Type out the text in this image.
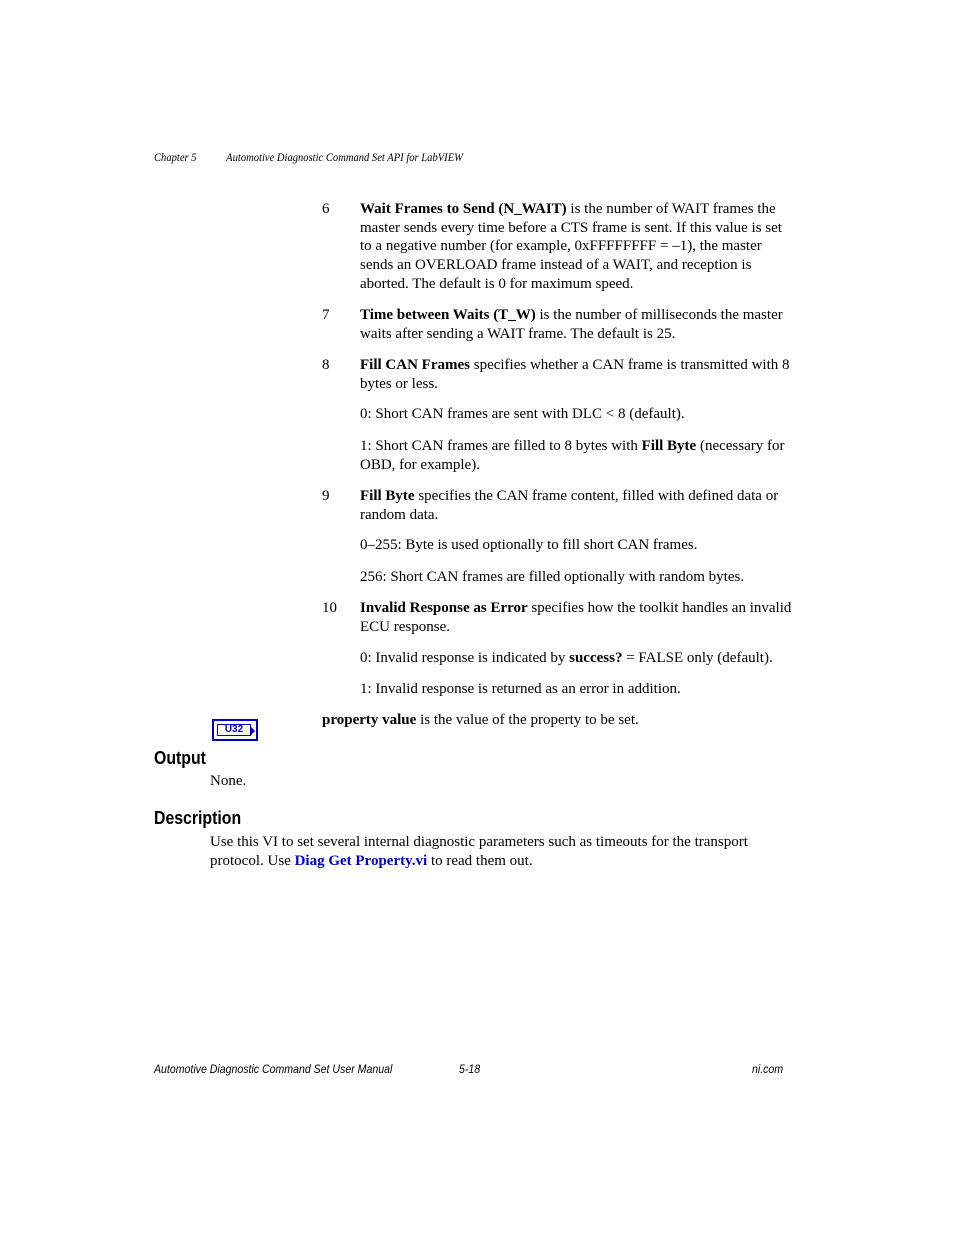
Chapter 5 Automotive Diagnostic Command Set API for LabVIEW
6 Wait Frames to Send (N_WAIT) is the number of WAIT frames the master sends every time before a CTS frame is sent. If this value is set to a negative number (for example, 0xFFFFFFFF = –1), the master sends an OVERLOAD frame instead of a WAIT, and reception is aborted. The default is 0 for maximum speed.
7 Time between Waits (T_W) is the number of milliseconds the master waits after sending a WAIT frame. The default is 25.
8 Fill CAN Frames specifies whether a CAN frame is transmitted with 8 bytes or less.
0: Short CAN frames are sent with DLC < 8 (default).
1: Short CAN frames are filled to 8 bytes with Fill Byte (necessary for OBD, for example).
9 Fill Byte specifies the CAN frame content, filled with defined data or random data.
0–255: Byte is used optionally to fill short CAN frames.
256: Short CAN frames are filled optionally with random bytes.
10 Invalid Response as Error specifies how the toolkit handles an invalid ECU response.
0: Invalid response is indicated by success? = FALSE only (default).
1: Invalid response is returned as an error in addition.
U32
property value is the value of the property to be set.
Output
None.
Description
Use this VI to set several internal diagnostic parameters such as timeouts for the transport protocol. Use Diag Get Property.vi to read them out.
Automotive Diagnostic Command Set User Manual	5-18	ni.com
